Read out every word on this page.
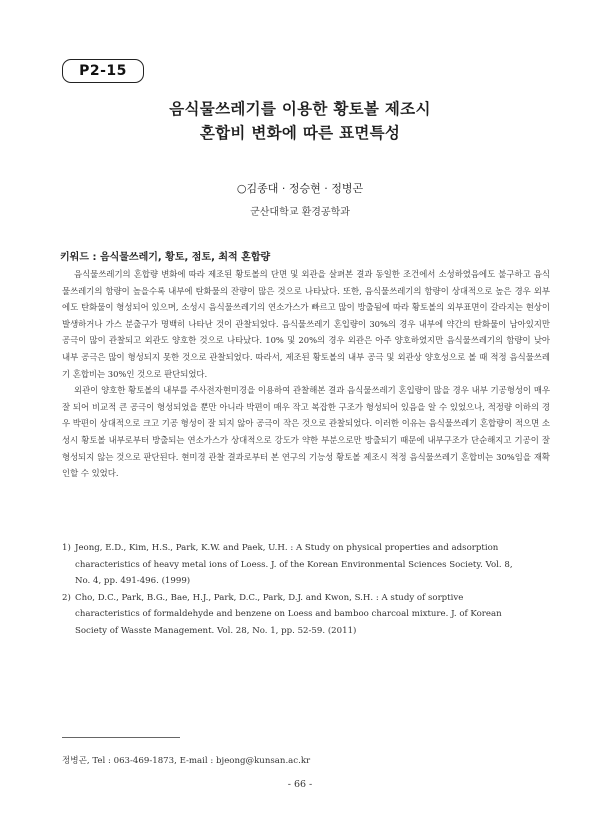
P2-15
음식물쓰레기를 이용한 황토볼 제조시
혼합비 변화에 따른 표면특성
○김종대 · 정승현 · 정병곤
군산대학교 환경공학과
키워드 : 음식물쓰레기, 황토, 점토, 최적 혼합량

음식물쓰레기의 혼합량 변화에 따라 제조된 황토볼의 단면 및 외관을 살펴본 결과 동일한 조건에서 소성하였음에도 불구하고 음식물쓰레기의 함량이 높을수록 내부에 탄화물의 잔량이 많은 것으로 나타났다. 또한, 음식물쓰레기의 함량이 상대적으로 높은 경우 외부에도 탄화물이 형성되어 있으며, 소성시 음식물쓰레기의 연소가스가 빠르고 많이 방출됨에 따라 황토볼의 외부표면이 갈라지는 현상이 발생하거나 가스 분출구가 명백히 나타난 것이 관찰되었다. 음식물쓰레기 혼입량이 30%의 경우 내부에 약간의 탄화물이 남아있지만 공극이 많이 관찰되고 외관도 양호한 것으로 나타났다. 10% 및 20%의 경우 외관은 아주 양호하였지만 음식물쓰레기의 함량이 낮아 내부 공극은 많이 형성되지 못한 것으로 관찰되었다. 따라서, 제조된 황토볼의 내부 공극 및 외관상 양호성으로 볼 때 적정 음식물쓰레기 혼합비는 30%인 것으로 판단되었다.

외관이 양호한 황토볼의 내부를 주사전자현미경을 이용하여 관찰해본 결과 음식물쓰레기 혼입량이 많을 경우 내부 기공형성이 매우 잘 되어 비교적 큰 공극이 형성되었을 뿐만 아니라 박편이 매우 작고 복잡한 구조가 형성되어 있음을 알 수 있었으나, 적정량 이하의 경우 박편이 상대적으로 크고 기공 형성이 잘 되지 않아 공극이 작은 것으로 관찰되었다. 이러한 이유는 음식물쓰레기 혼합량이 적으면 소성시 황토볼 내부로부터 방출되는 연소가스가 상대적으로 강도가 약한 부분으로만 방출되기 때문에 내부구조가 단순해지고 기공이 잘 형성되지 않는 것으로 판단된다. 현미경 관찰 결과로부터 본 연구의 기능성 황토볼 제조시 적정 음식물쓰레기 혼합비는 30%임을 재확인할 수 있었다.

1) Jeong, E.D., Kim, H.S., Park, K.W. and Paek, U.H. : A Study on physical properties and adsorption
characteristics of heavy metal ions of Loess. J. of the Korean Environmental Sciences Society. Vol. 8,
No. 4, pp. 491-496. (1999)
2) Cho, D.C., Park, B.G., Bae, H.J., Park, D.C., Park, D.J. and Kwon, S.H. : A study of sorptive
characteristics of formaldehyde and benzene on Loess and bamboo charcoal mixture. J. of Korean
Society of Wasste Management. Vol. 28, No. 1, pp. 52-59. (2011)
정병곤, Tel : 063-469-1873, E-mail : bjeong@kunsan.ac.kr
- 66 -
